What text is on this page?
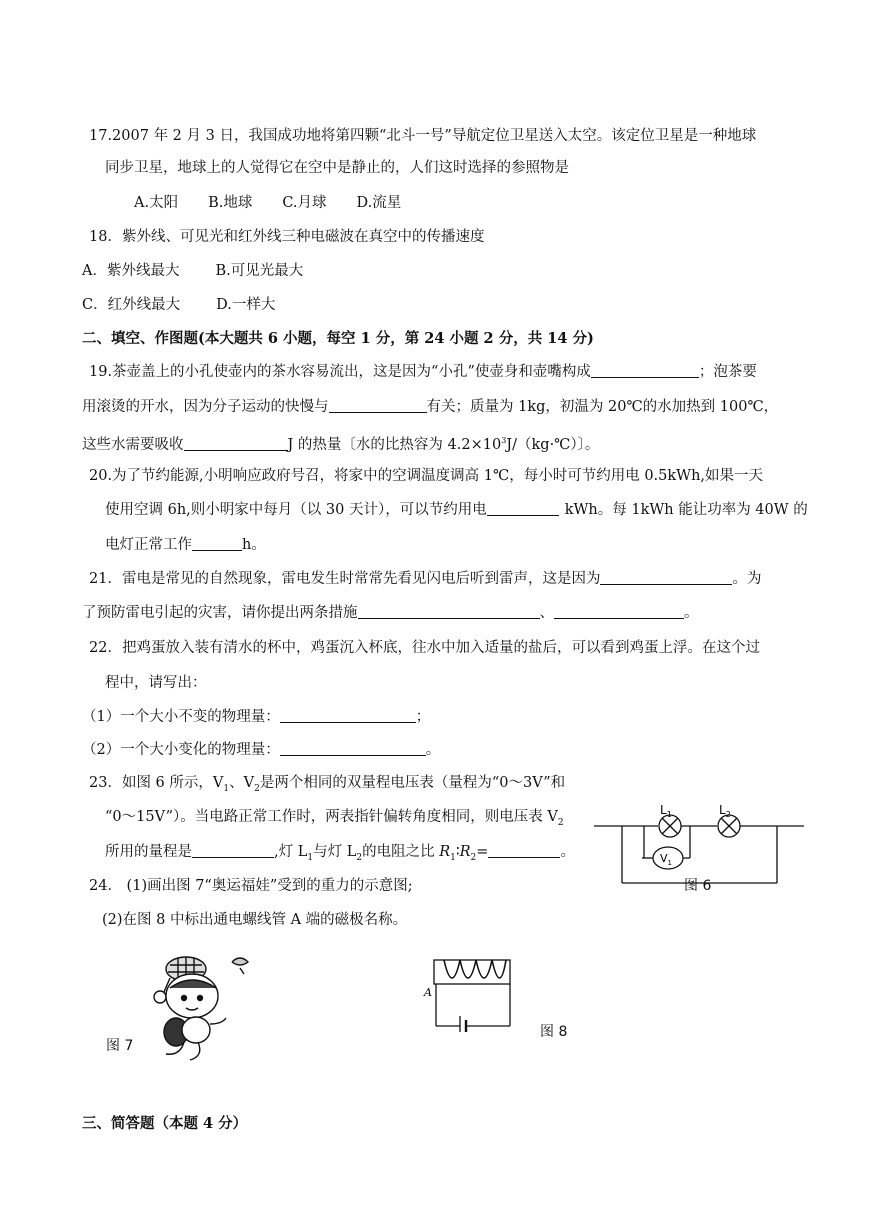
17.2007 年 2 月 3 日，我国成功地将第四颗“北斗一号”导航定位卫星送入太空。该定位卫星是一种地球
同步卫星，地球上的人觉得它在空中是静止的，人们这时选择的参照物是
A.太阳 B.地球 C.月球 D.流星
18．紫外线、可见光和红外线三种电磁波在真空中的传播速度
A．紫外线最大 B.可见光最大
C．红外线最大 D.一样大
二、填空、作图题(本大题共 6 小题，每空 1 分，第 24 小题 2 分，共 14 分)
19.茶壶盖上的小孔使壶内的茶水容易流出，这是因为“小孔”使壶身和壶嘴构成	；泡茶要
用滚烫的开水，因为分子运动的快慢与	有关；质量为 1kg，初温为 20℃的水加热到 100℃，
这些水需要吸收	J 的热量〔水的比热容为 $4.2\times 10^3J/(kg\cdot℃)$〕。
20.为了节约能源,小明响应政府号召，将家中的空调温度调高 1℃，每小时可节约用电 0.5kWh,如果一天
使用空调 6h,则小明家中每月（以 30 天计），可以节约用电	kWh。每 1kWh 能让功率为 40W 的
电灯正常工作	h。
21．雷电是常见的自然现象，雷电发生时常常先看见闪电后听到雷声，这是因为	。为
了预防雷电引起的灾害，请你提出两条措施	、	。
22．把鸡蛋放入装有清水的杯中，鸡蛋沉入杯底，往水中加入适量的盐后，可以看到鸡蛋上浮。在这个过
程中，请写出：
（1）一个大小不变的物理量：	；
（2）一个大小变化的物理量：	。
23．如图 6 所示，$V_1$、$V_2$是两个相同的双量程电压表（量程为“0～3V”和
“0～15V”）。当电路正常工作时，两表指针偏转角度相同，则电压表 $V_2$
所用的量程是	,灯 $L_1$与灯 $L_2$的电阻之比 $R_1∶R_2=$	。
$L_1$	$L_2$
$V_1$
图 6
24． (1)画出图 7“奥运福娃”受到的重力的示意图;
(2)在图 8 中标出通电螺线管 A 端的磁极名称。
图 7
A
图 8
三、简答题（本题 4 分）
